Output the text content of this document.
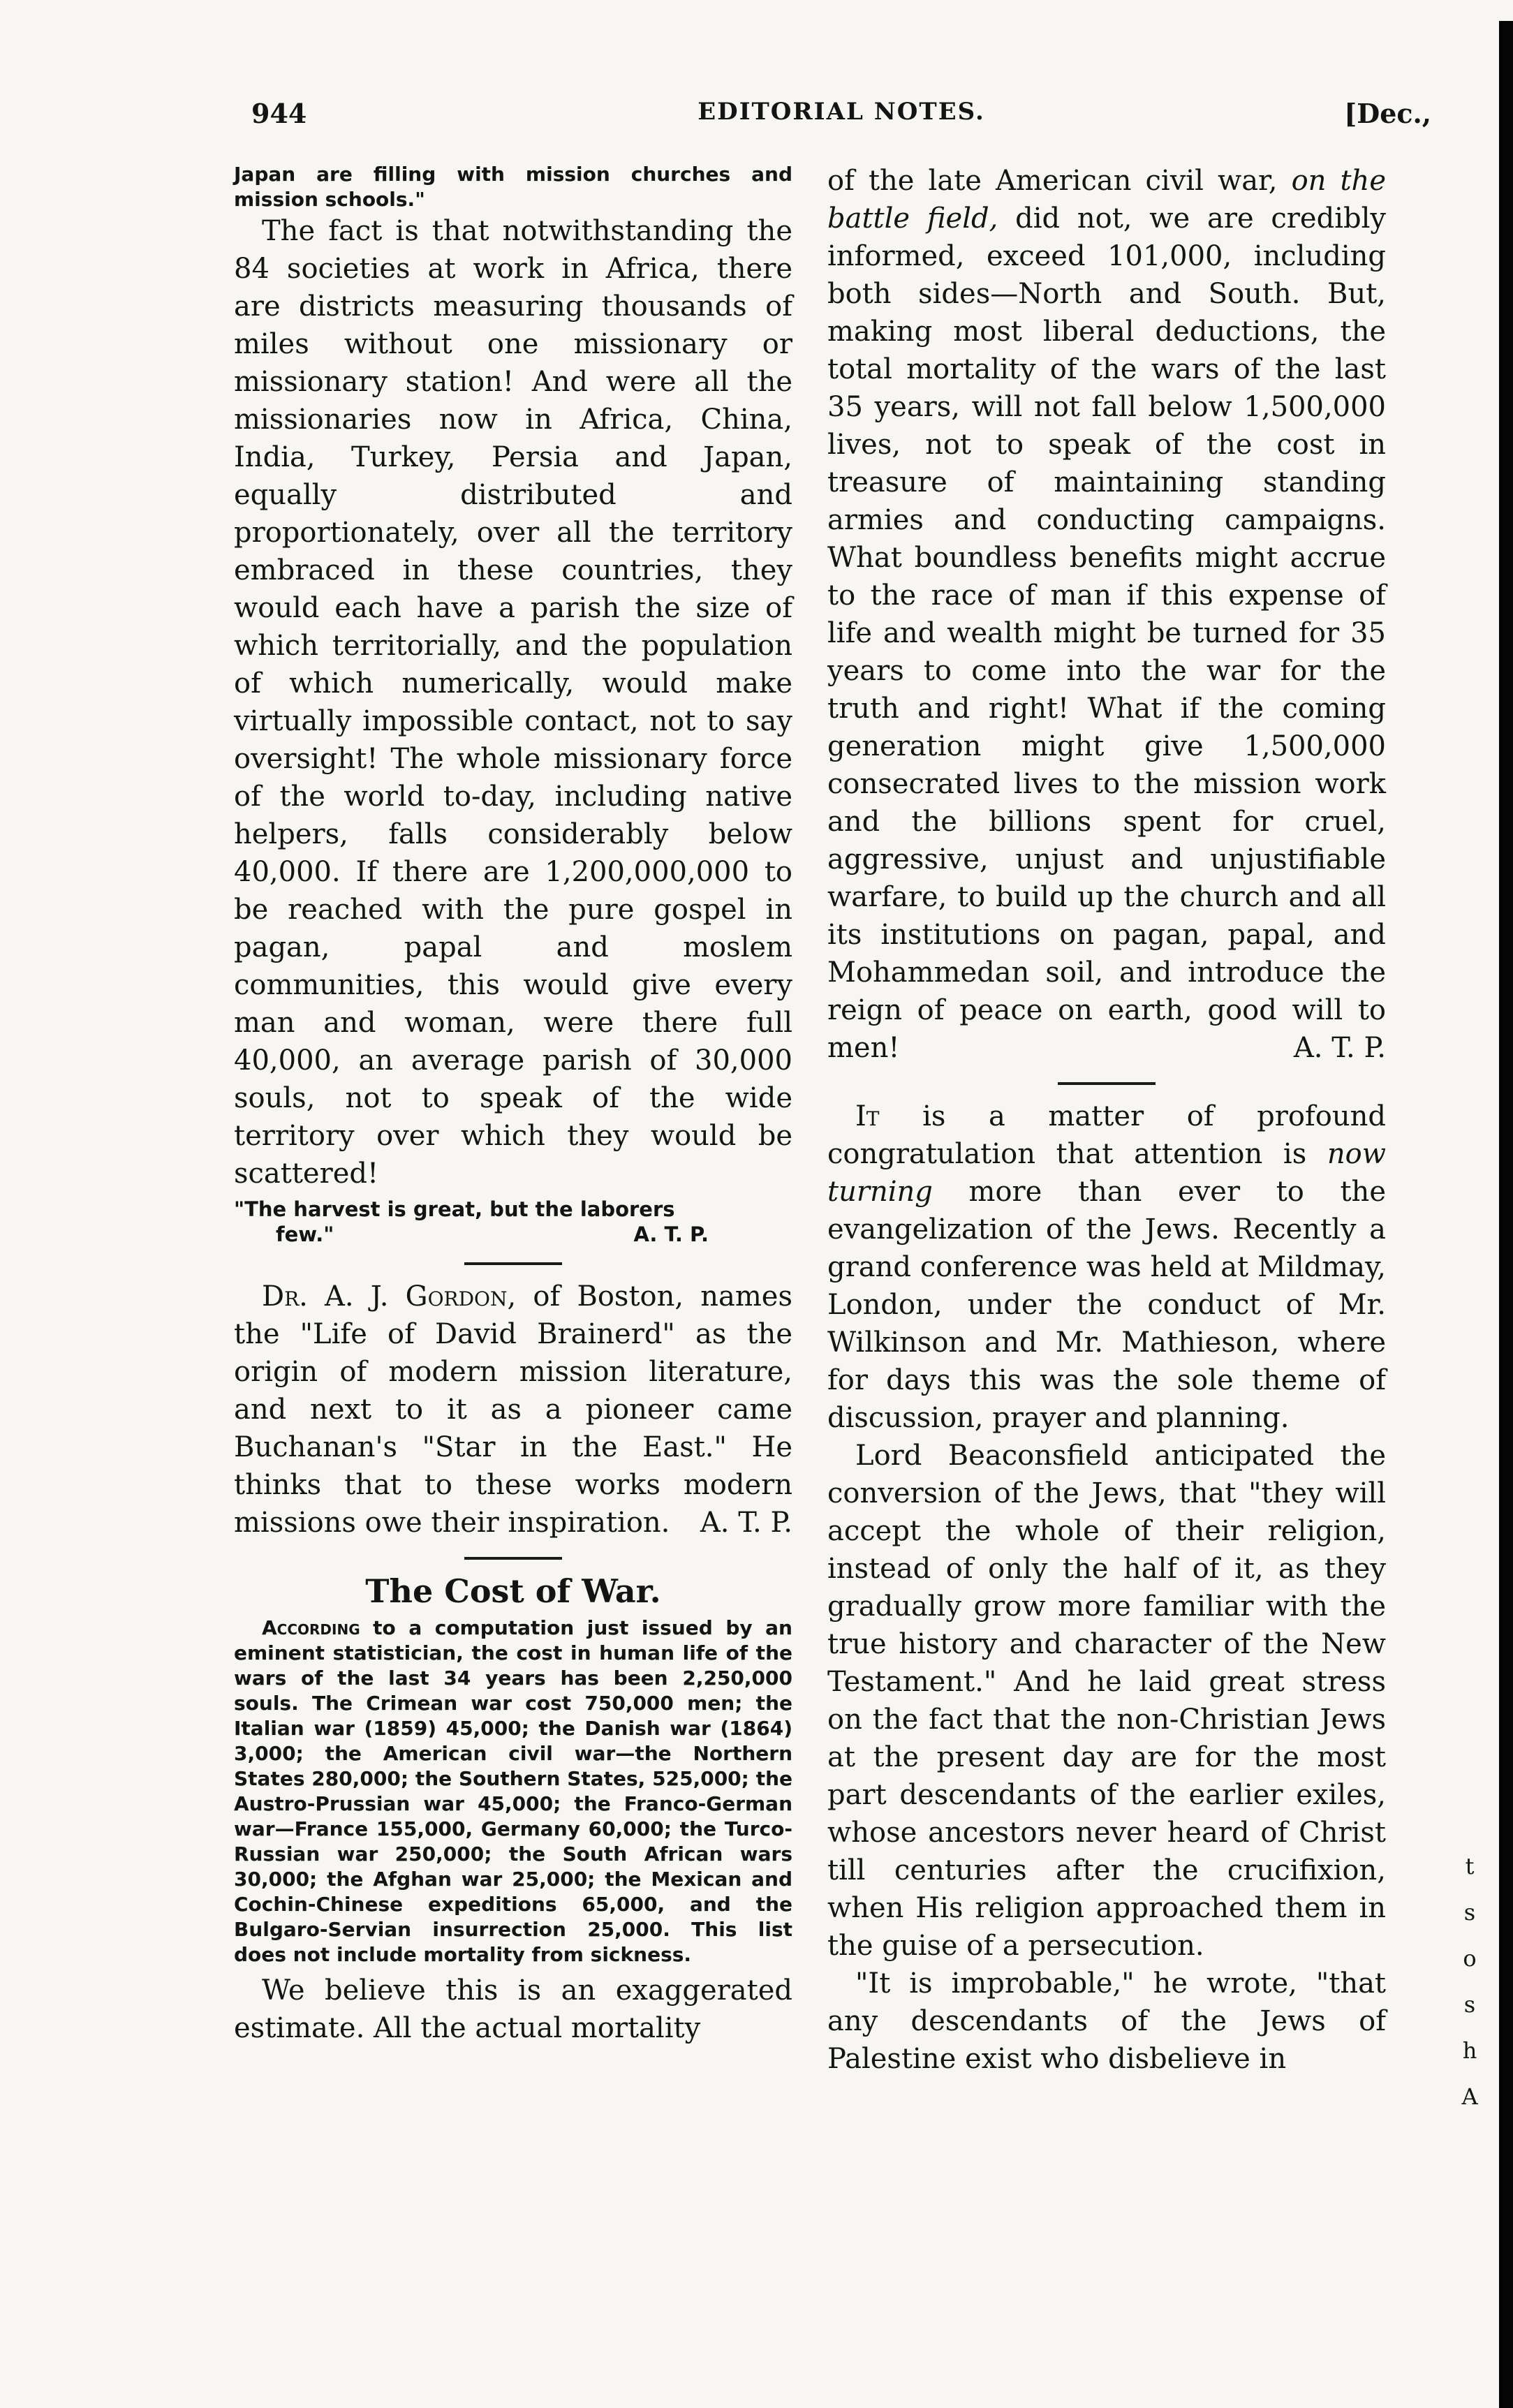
944	EDITORIAL NOTES.	[Dec.,

Japan are filling with mission churches and mission schools."

The fact is that notwithstanding the 84 societies at work in Africa, there are districts measuring thousands of miles without one missionary or missionary station! And were all the missionaries now in Africa, China, India, Turkey, Persia and Japan, equally distributed and proportionately, over all the territory embraced in these countries, they would each have a parish the size of which territorially, and the population of which numerically, would make virtually impossible contact, not to say oversight! The whole missionary force of the world to-day, including native helpers, falls considerably below 40,000. If there are 1,200,000,000 to be reached with the pure gospel in pagan, papal and moslem communities, this would give every man and woman, were there full 40,000, an average parish of 30,000 souls, not to speak of the wide territory over which they would be scattered!

"The harvest is great, but the laborers
few."	A. T. P.

Dr. A. J. Gordon, of Boston, names the "Life of David Brainerd" as the origin of modern mission literature, and next to it as a pioneer came Buchanan's "Star in the East." He thinks that to these works modern missions owe their inspiration.	A. T. P.

The Cost of War.

According to a computation just issued by an eminent statistician, the cost in human life of the wars of the last 34 years has been 2,250,000 souls. The Crimean war cost 750,000 men; the Italian war (1859) 45,000; the Danish war (1864) 3,000; the American civil war—the Northern States 280,000; the Southern States, 525,000; the Austro-Prussian war 45,000; the Franco-German war—France 155,000, Germany 60,000; the Turco-Russian war 250,000; the South African wars 30,000; the Afghan war 25,000; the Mexican and Cochin-Chinese expeditions 65,000, and the Bulgaro-Servian insurrection 25,000. This list does not include mortality from sickness.

We believe this is an exaggerated estimate. All the actual mortality

of the late American civil war, on the battle field, did not, we are credibly informed, exceed 101,000, including both sides—North and South. But, making most liberal deductions, the total mortality of the wars of the last 35 years, will not fall below 1,500,000 lives, not to speak of the cost in treasure of maintaining standing armies and conducting campaigns. What boundless benefits might accrue to the race of man if this expense of life and wealth might be turned for 35 years to come into the war for the truth and right! What if the coming generation might give 1,500,000 consecrated lives to the mission work and the billions spent for cruel, aggressive, unjust and unjustifiable warfare, to build up the church and all its institutions on pagan, papal, and Mohammedan soil, and introduce the reign of peace on earth, good will to men!	A. T. P.

It is a matter of profound congratulation that attention is now turning more than ever to the evangelization of the Jews. Recently a grand conference was held at Mildmay, London, under the conduct of Mr. Wilkinson and Mr. Mathieson, where for days this was the sole theme of discussion, prayer and planning.

Lord Beaconsfield anticipated the conversion of the Jews, that "they will accept the whole of their religion, instead of only the half of it, as they gradually grow more familiar with the true history and character of the New Testament." And he laid great stress on the fact that the non-Christian Jews at the present day are for the most part descendants of the earlier exiles, whose ancestors never heard of Christ till centuries after the crucifixion, when His religion approached them in the guise of a persecution.

"It is improbable," he wrote, "that any descendants of the Jews of Palestine exist who disbelieve in

t
s
o
s
h
A
